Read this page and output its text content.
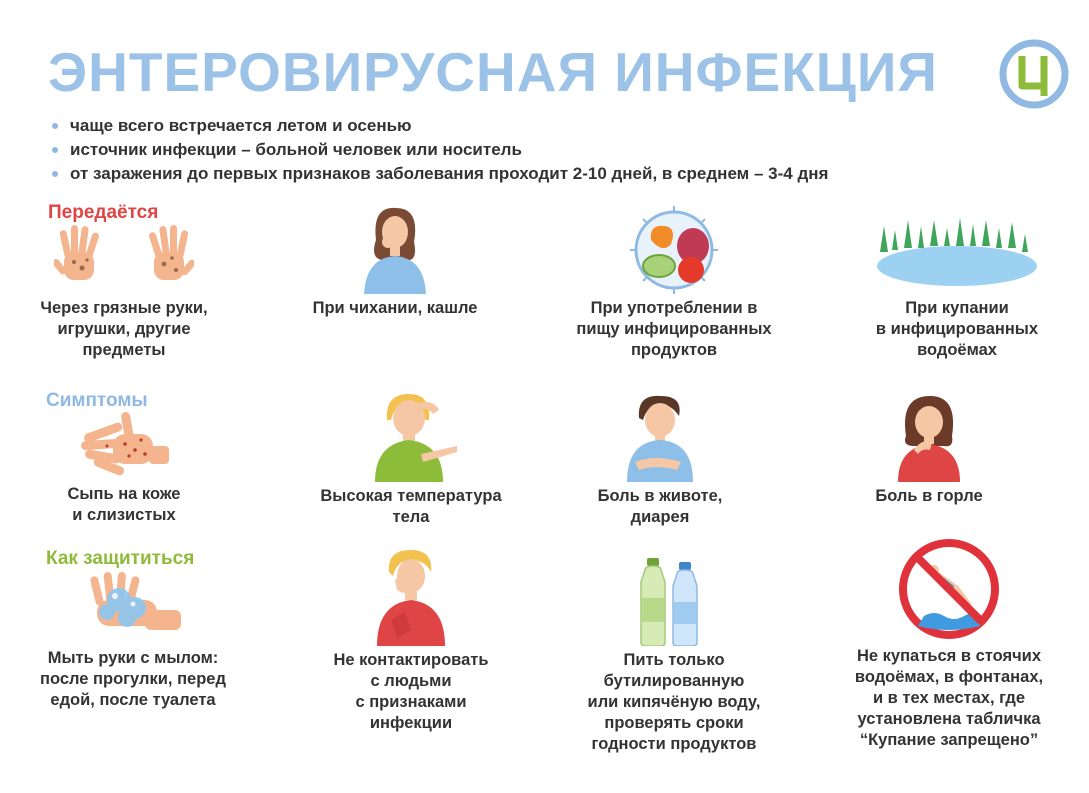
ЭНТЕРОВИРУСНАЯ ИНФЕКЦИЯ
чаще всего встречается летом и осенью
источник инфекции – больной человек или носитель
от заражения до первых признаков заболевания проходит 2-10 дней, в среднем – 3-4 дня
Передаётся
Через грязные руки,
игрушки, другие
предметы
При чихании, кашле	При употреблении в
пищу инфицированных
продуктов
При купании
в инфицированных
водоёмах
Симптомы
Сыпь на коже
и слизистых
Высокая температура
тела
Боль в животе,
диарея
Боль в горле
Как защититься
Мыть руки с мылом:
после прогулки, перед
едой, после туалета
Не контактировать
с людьми
с признаками
инфекции
Пить только
бутилированную
или кипячёную воду,
проверять сроки
годности продуктов
Не купаться в стоячих
водоёмах, в фонтанах,
и в тех местах, где
установлена табличка
“Купание запрещено”
